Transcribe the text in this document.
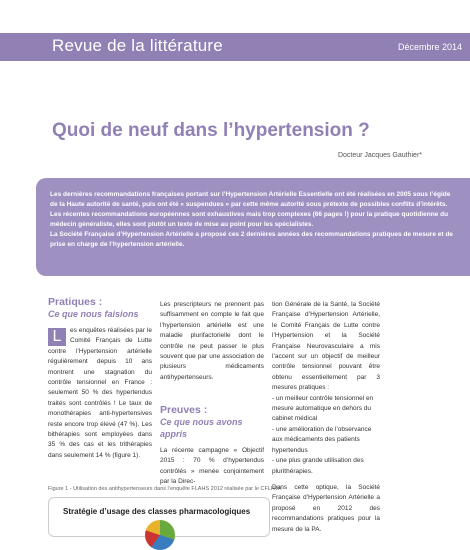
Revue de la littérature	Décembre 2014
Quoi de neuf dans l’hypertension ?
Docteur Jacques Gauthier*

Les dernières recommandations françaises portant sur l’Hypertension Artérielle Essentielle ont été réalisées en 2005 sous l’égide de la Haute autorité de santé, puis ont été « suspendues » par cette même autorité sous prétexte de possibles conflits d’intérêts.

Les récentes recommandations européennes sont exhaustives mais trop complexes (66 pages !) pour la pratique quotidienne du médecin généraliste, elles sont plutôt un texte de mise au point pour les spécialistes.

La Société Française d’Hypertension Artérielle a proposé ces 2 dernières années des recommandations pratiques de mesure et de prise en charge de l’hypertension artérielle.

Pratiques :
Ce que nous faisions
L	es enquêtes réalisées par le Comité Français de Lutte contre l’Hypertension artérielle régulièrement depuis 10 ans montrent une stagnation du contrôle tensionnel en France : seulement 50 % des hypertendus traités sont contrôlés ! Le taux de monothérapies anti-hypertensives reste encore trop élevé (47 %). Les bithérapies sont employées dans 35 % des cas et les trithérapies dans seulement 14 % (figure 1).
Les prescripteurs ne prennent pas suffisamment en compte le fait que l’hypertension artérielle est une maladie plurifactorielle dont le contrôle ne peut passer le plus souvent que par une association de plusieurs médicaments antihypertenseurs.
Preuves :
Ce que nous avons appris
La récente campagne « Objectif 2015 : 70 % d’hypertendus contrôlés » menée conjointement par la Direc-
tion Générale de la Santé, la Société Française d’Hypertension Artérielle, le Comité Français de Lutte contre l’Hypertension et la Société Française Neurovasculaire a mis l’accent sur un objectif de meilleur contrôle tensionnel pouvant être obtenu essentiellement par 3 mesures pratiques :
- un meilleur contrôle tensionnel en mesure automatique en dehors du cabinet médical
- une amélioration de l’observance aux médicaments des patients hypertendus
- une plus grande utilisation des plurithérapies.
Dans cette optique, la Société Française d’Hypertension Artérielle a proposé en 2012 des recommandations pratiques pour la mesure de la PA.
Figure 1 - Utilisation des antihypertenseurs dans l’enquête FLAHS 2012 réalisée par le CFLHTA
Stratégie d’usage des classes pharmacologiques
